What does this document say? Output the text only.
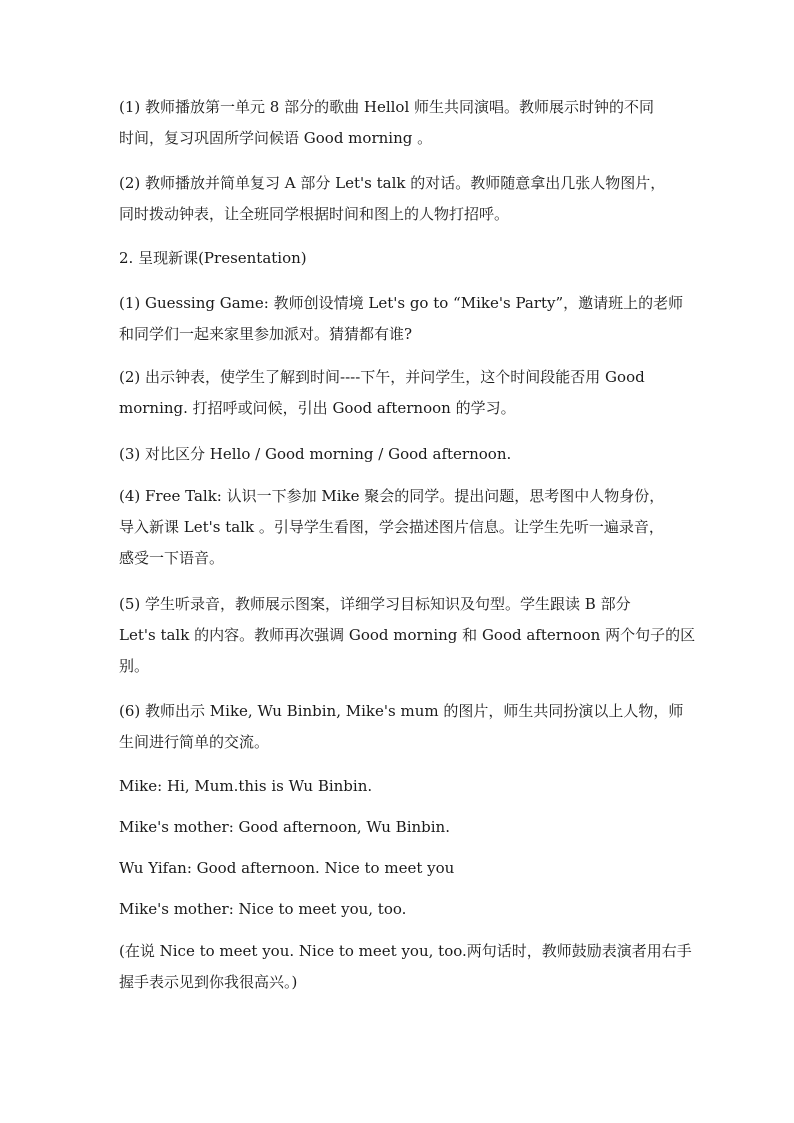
(1) 教师播放第一单元 8 部分的歌曲 Hellol 师生共同演唱。教师展示时钟的不同
时间，复习巩固所学问候语 Good morning 。
(2) 教师播放并简单复习 A 部分 Let's talk 的对话。教师随意拿出几张人物图片，
同时拨动钟表，让全班同学根据时间和图上的人物打招呼。
2. 呈现新课(Presentation)
(1) Guessing Game: 教师创设情境 Let's go to “Mike's Party”，邀请班上的老师
和同学们一起来家里参加派对。猜猜都有谁?
(2) 出示钟表，使学生了解到时间----下午，并问学生，这个时间段能否用 Good
morning. 打招呼或问候，引出 Good afternoon 的学习。
(3) 对比区分 Hello / Good morning / Good afternoon.
(4) Free Talk: 认识一下参加 Mike 聚会的同学。提出问题，思考图中人物身份，
导入新课 Let's talk 。引导学生看图，学会描述图片信息。让学生先听一遍录音，
感受一下语音。
(5) 学生听录音，教师展示图案，详细学习目标知识及句型。学生跟读 B 部分
Let's talk 的内容。教师再次强调 Good morning 和 Good afternoon 两个句子的区
别。
(6) 教师出示 Mike, Wu Binbin, Mike's mum 的图片，师生共同扮演以上人物，师
生间进行简单的交流。
Mike: Hi, Mum.this is Wu Binbin.
Mike's mother: Good afternoon, Wu Binbin.
Wu Yifan: Good afternoon. Nice to meet you
Mike's mother: Nice to meet you, too.
(在说 Nice to meet you. Nice to meet you, too.两句话时，教师鼓励表演者用右手
握手表示见到你我很高兴。)
